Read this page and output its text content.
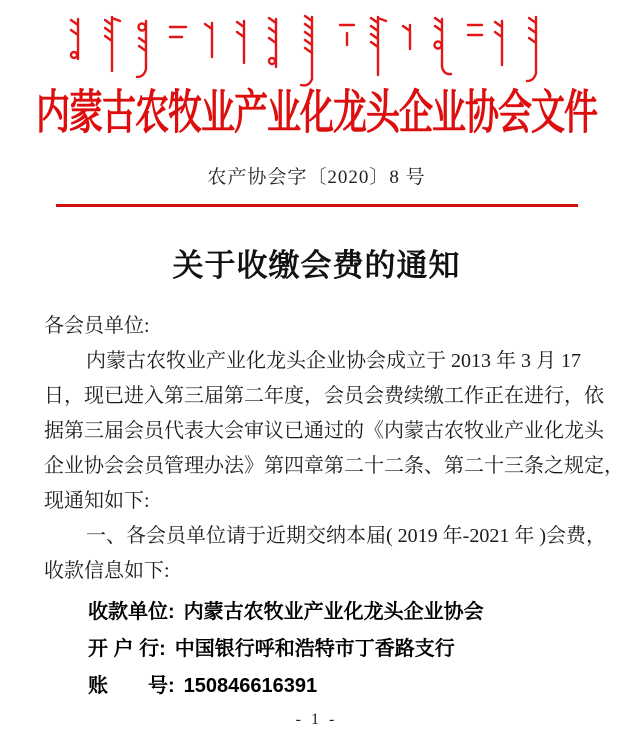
内蒙古农牧业产业化龙头企业协会文件
农产协会字〔2020〕8 号
关于收缴会费的通知
各会员单位:
内蒙古农牧业产业化龙头企业协会成立于 2013 年 3 月 17
日，现已进入第三届第二年度，会员会费续缴工作正在进行，依
据第三届会员代表大会审议已通过的《内蒙古农牧业产业化龙头
企业协会会员管理办法》第四章第二十二条、第二十三条之规定，
现通知如下:
一、各会员单位请于近期交纳本届( 2019 年-2021 年 )会费，
收款信息如下:
收款单位: 内蒙古农牧业产业化龙头企业协会
开 户 行: 中国银行呼和浩特市丁香路支行
账　　号: 150846616391
- 1 -
